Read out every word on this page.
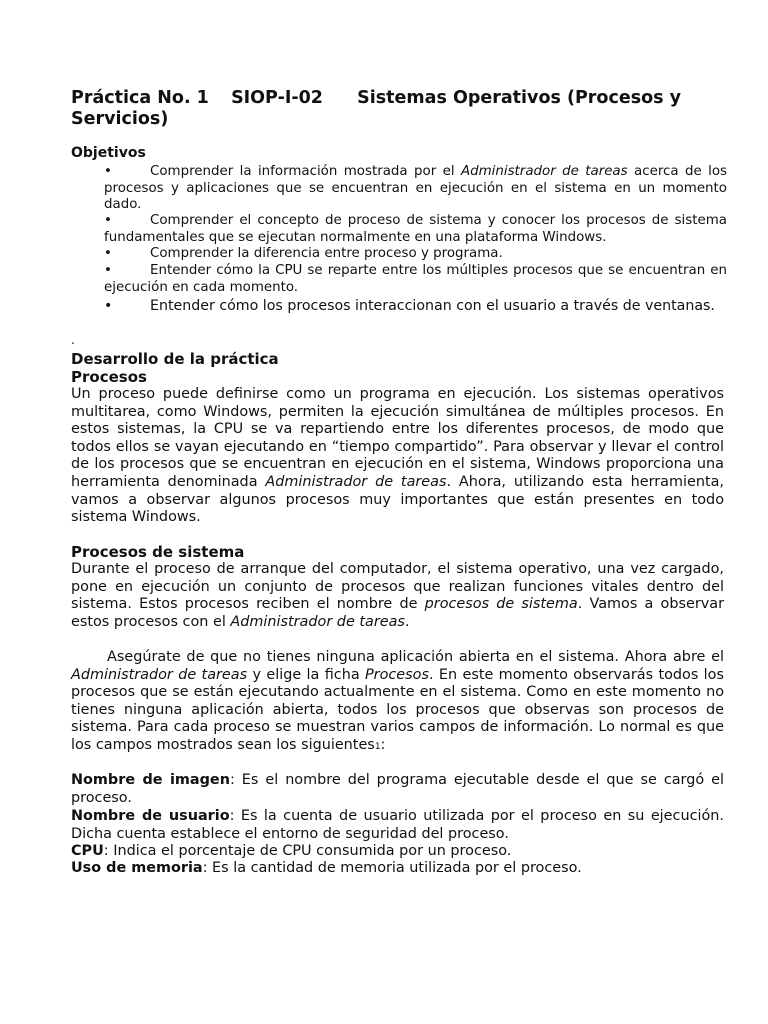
Práctica No. 1 SIOP-I-02 Sistemas Operativos (Procesos y Servicios)
Objetivos
•	Comprender la información mostrada por el Administrador de tareas acerca de los procesos y aplicaciones que se encuentran en ejecución en el sistema en un momento dado.
•	Comprender el concepto de proceso de sistema y conocer los procesos de sistema fundamentales que se ejecutan normalmente en una plataforma Windows.
•	Comprender la diferencia entre proceso y programa.
•	Entender cómo la CPU se reparte entre los múltiples procesos que se encuentran en ejecución en cada momento.
•	Entender cómo los procesos interaccionan con el usuario a través de ventanas.
.
Desarrollo de la práctica
Procesos
Un proceso puede definirse como un programa en ejecución. Los sistemas operativos multitarea, como Windows, permiten la ejecución simultánea de múltiples procesos. En estos sistemas, la CPU se va repartiendo entre los diferentes procesos, de modo que todos ellos se vayan ejecutando en “tiempo compartido”. Para observar y llevar el control de los procesos que se encuentran en ejecución en el sistema, Windows proporciona una herramienta denominada Administrador de tareas. Ahora, utilizando esta herramienta, vamos a observar algunos procesos muy importantes que están presentes en todo sistema Windows.
Procesos de sistema
Durante el proceso de arranque del computador, el sistema operativo, una vez cargado, pone en ejecución un conjunto de procesos que realizan funciones vitales dentro del sistema. Estos procesos reciben el nombre de procesos de sistema. Vamos a observar estos procesos con el Administrador de tareas.
Asegúrate de que no tienes ninguna aplicación abierta en el sistema. Ahora abre el Administrador de tareas y elige la ficha Procesos. En este momento observarás todos los procesos que se están ejecutando actualmente en el sistema. Como en este momento no tienes ninguna aplicación abierta, todos los procesos que observas son procesos de sistema. Para cada proceso se muestran varios campos de información. Lo normal es que los campos mostrados sean los siguientes1:
Nombre de imagen: Es el nombre del programa ejecutable desde el que se cargó el proceso.
Nombre de usuario: Es la cuenta de usuario utilizada por el proceso en su ejecución. Dicha cuenta establece el entorno de seguridad del proceso.
CPU: Indica el porcentaje de CPU consumida por un proceso.
Uso de memoria: Es la cantidad de memoria utilizada por el proceso.
